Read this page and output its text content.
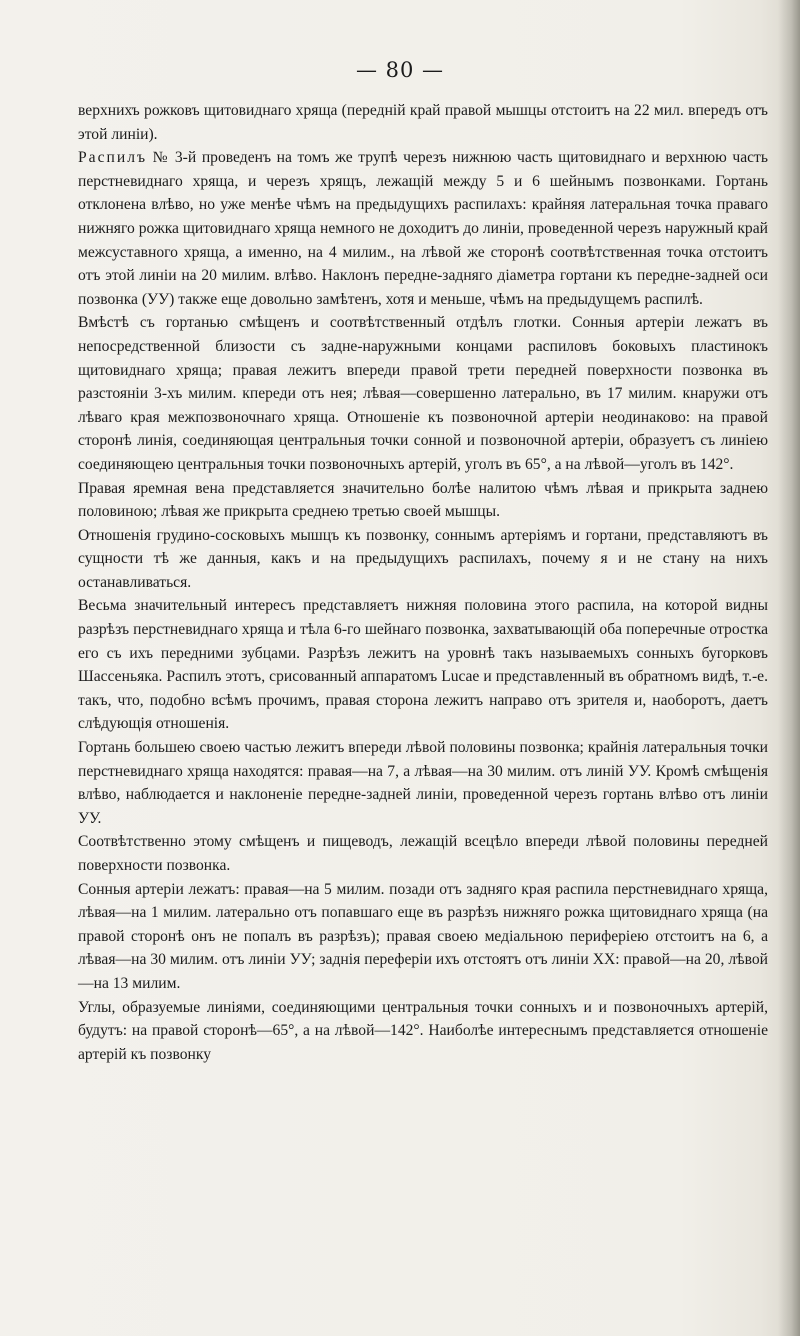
— 80 —

верхнихъ рожковъ щитовиднаго хряща (передній край правой мышцы отстоитъ на 22 мил. впередъ отъ этой линіи).

Распилъ № 3-й проведенъ на томъ же трупѣ черезъ нижнюю часть щитовиднаго и верхнюю часть перстневиднаго хряща, и черезъ хрящъ, лежащій между 5 и 6 шейнымъ позвонками. Гортань отклонена влѣво, но уже менѣе чѣмъ на предыдущихъ распилахъ: крайняя латеральная точка праваго нижняго рожка щитовиднаго хряща немного не доходитъ до линіи, проведенной черезъ наружный край межсуставного хряща, а именно, на 4 милим., на лѣвой же сторонѣ соотвѣтственная точка отстоитъ отъ этой линіи на 20 милим. влѣво. Наклонъ передне-задняго діаметра гортани къ передне-задней оси позвонка (УУ) также еще довольно замѣтенъ, хотя и меньше, чѣмъ на предыдущемъ распилѣ.

Вмѣстѣ съ гортанью смѣщенъ и соотвѣтственный отдѣлъ глотки. Сонныя артеріи лежатъ въ непосредственной близости съ задне-наружными концами распиловъ боковыхъ пластинокъ щитовиднаго хряща; правая лежитъ впереди правой трети передней поверхности позвонка въ разстояніи 3-хъ милим. кпереди отъ нея; лѣвая—совершенно латерально, въ 17 милим. кнаружи отъ лѣваго края межпозвоночнаго хряща. Отношеніе къ позвоночной артеріи неодинаково: на правой сторонѣ линія, соединяющая центральныя точки сонной и позвоночной артеріи, образуетъ съ линіею соединяющею центральныя точки позвоночныхъ артерій, уголъ въ 65°, а на лѣвой—уголъ въ 142°.

Правая яремная вена представляется значительно болѣе налитою чѣмъ лѣвая и прикрыта заднею половиною; лѣвая же прикрыта среднею третью своей мышцы.

Отношенія грудино-сосковыхъ мышцъ къ позвонку, соннымъ артеріямъ и гортани, представляютъ въ сущности тѣ же данныя, какъ и на предыдущихъ распилахъ, почему я и не стану на нихъ останавливаться.

Весьма значительный интересъ представляетъ нижняя половина этого распила, на которой видны разрѣзъ перстневиднаго хряща и тѣла 6-го шейнаго позвонка, захватывающій оба поперечные отростка его съ ихъ передними зубцами. Разрѣзъ лежитъ на уровнѣ такъ называемыхъ сонныхъ бугорковъ Шассеньяка. Распилъ этотъ, срисованный аппаратомъ Lucae и представленный въ обратномъ видѣ, т.-е. такъ, что, подобно всѣмъ прочимъ, правая сторона лежитъ направо отъ зрителя и, наоборотъ, даетъ слѣдующія отношенія.

Гортань большею своею частью лежитъ впереди лѣвой половины позвонка; крайнія латеральныя точки перстневиднаго хряща находятся: правая—на 7, а лѣвая—на 30 милим. отъ линій УУ. Кромѣ смѣщенія влѣво, наблюдается и наклоненіе передне-задней линіи, проведенной черезъ гортань влѣво отъ линіи УУ.

Соотвѣтственно этому смѣщенъ и пищеводъ, лежащій всецѣло впереди лѣвой половины передней поверхности позвонка.

Сонныя артеріи лежатъ: правая—на 5 милим. позади отъ задняго края распила перстневиднаго хряща, лѣвая—на 1 милим. латерально отъ попавшаго еще въ разрѣзъ нижняго рожка щитовиднаго хряща (на правой сторонѣ онъ не попалъ въ разрѣзъ); правая своею медіальною периферіею отстоитъ на 6, а лѣвая—на 30 милим. отъ линіи УУ; заднія переферіи ихъ отстоятъ отъ линіи XX: правой—на 20, лѣвой—на 13 милим.

Углы, образуемые линіями, соединяющими центральныя точки сонныхъ и и позвоночныхъ артерій, будутъ: на правой сторонѣ—65°, а на лѣвой—142°. Наиболѣе интереснымъ представляется отношеніе артерій къ позвонку
